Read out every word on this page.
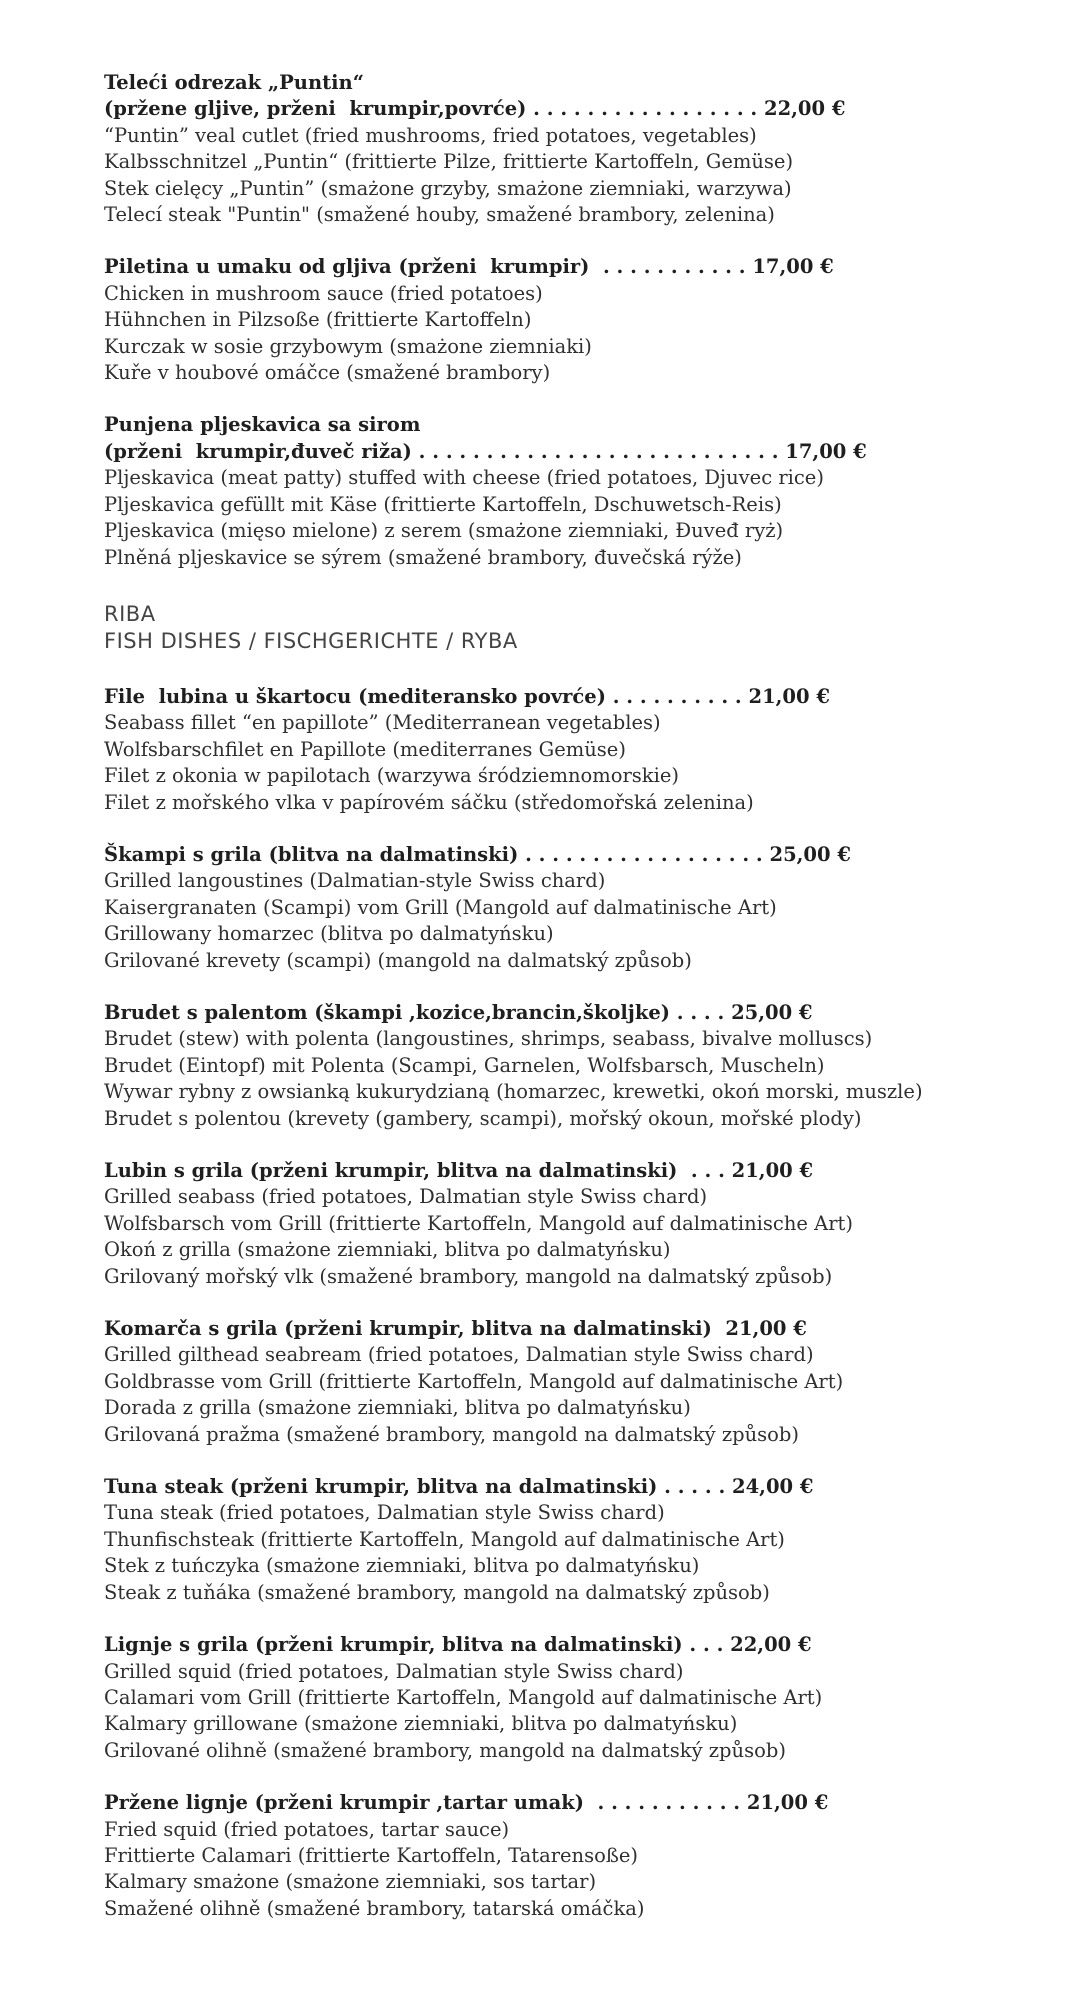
Teleći odrezak „Puntin“
(pržene gljive, prženi  krumpir,povrće) . . . . . . . . . . . . . . . . . 22,00 €
“Puntin” veal cutlet (fried mushrooms, fried potatoes, vegetables)
Kalbsschnitzel „Puntin“ (frittierte Pilze, frittierte Kartoffeln, Gemüse)
Stek cielęcy „Puntin” (smażone grzyby, smażone ziemniaki, warzywa)
Telecí steak "Puntin" (smažené houby, smažené brambory, zelenina)
Piletina u umaku od gljiva (prženi  krumpir)  . . . . . . . . . . . 17,00 €
Chicken in mushroom sauce (fried potatoes)
Hühnchen in Pilzsoße (frittierte Kartoffeln)
Kurczak w sosie grzybowym (smażone ziemniaki)
Kuře v houbové omáčce (smažené brambory)
Punjena pljeskavica sa sirom
(prženi  krumpir,đuveč riža) . . . . . . . . . . . . . . . . . . . . . . . . . . . 17,00 €
Pljeskavica (meat patty) stuffed with cheese (fried potatoes, Djuvec rice)
Pljeskavica gefüllt mit Käse (frittierte Kartoffeln, Dschuwetsch-Reis)
Pljeskavica (mięso mielone) z serem (smażone ziemniaki, Đuveđ ryż)
Plněná pljeskavice se sýrem (smažené brambory, đuvečská rýže)
RIBA
FISH DISHES / FISCHGERICHTE / RYBA
File  lubina u škartocu (mediteransko povrće) . . . . . . . . . . 21,00 €
Seabass fillet “en papillote” (Mediterranean vegetables)
Wolfsbarschfilet en Papillote (mediterranes Gemüse)
Filet z okonia w papilotach (warzywa śródziemnomorskie)
Filet z mořského vlka v papírovém sáčku (středomořská zelenina)
Škampi s grila (blitva na dalmatinski) . . . . . . . . . . . . . . . . . . 25,00 €
Grilled langoustines (Dalmatian-style Swiss chard)
Kaisergranaten (Scampi) vom Grill (Mangold auf dalmatinische Art)
Grillowany homarzec (blitva po dalmatyńsku)
Grilované krevety (scampi) (mangold na dalmatský způsob)
Brudet s palentom (škampi ,kozice,brancin,školjke) . . . . 25,00 €
Brudet (stew) with polenta (langoustines, shrimps, seabass, bivalve molluscs)
Brudet (Eintopf) mit Polenta (Scampi, Garnelen, Wolfsbarsch, Muscheln)
Wywar rybny z owsianką kukurydzianą (homarzec, krewetki, okoń morski, muszle)
Brudet s polentou (krevety (gambery, scampi), mořský okoun, mořské plody)
Lubin s grila (prženi krumpir, blitva na dalmatinski)  . . . 21,00 €
Grilled seabass (fried potatoes, Dalmatian style Swiss chard)
Wolfsbarsch vom Grill (frittierte Kartoffeln, Mangold auf dalmatinische Art)
Okoń z grilla (smażone ziemniaki, blitva po dalmatyńsku)
Grilovaný mořský vlk (smažené brambory, mangold na dalmatský způsob)
Komarča s grila (prženi krumpir, blitva na dalmatinski)  21,00 €
Grilled gilthead seabream (fried potatoes, Dalmatian style Swiss chard)
Goldbrasse vom Grill (frittierte Kartoffeln, Mangold auf dalmatinische Art)
Dorada z grilla (smażone ziemniaki, blitva po dalmatyńsku)
Grilovaná pražma (smažené brambory, mangold na dalmatský způsob)
Tuna steak (prženi krumpir, blitva na dalmatinski) . . . . . 24,00 €
Tuna steak (fried potatoes, Dalmatian style Swiss chard)
Thunfischsteak (frittierte Kartoffeln, Mangold auf dalmatinische Art)
Stek z tuńczyka (smażone ziemniaki, blitva po dalmatyńsku)
Steak z tuňáka (smažené brambory, mangold na dalmatský způsob)
Lignje s grila (prženi krumpir, blitva na dalmatinski) . . . 22,00 €
Grilled squid (fried potatoes, Dalmatian style Swiss chard)
Calamari vom Grill (frittierte Kartoffeln, Mangold auf dalmatinische Art)
Kalmary grillowane (smażone ziemniaki, blitva po dalmatyńsku)
Grilované olihně (smažené brambory, mangold na dalmatský způsob)
Pržene lignje (prženi krumpir ,tartar umak)  . . . . . . . . . . . 21,00 €
Fried squid (fried potatoes, tartar sauce)
Frittierte Calamari (frittierte Kartoffeln, Tatarensoße)
Kalmary smażone (smażone ziemniaki, sos tartar)
Smažené olihně (smažené brambory, tatarská omáčka)
